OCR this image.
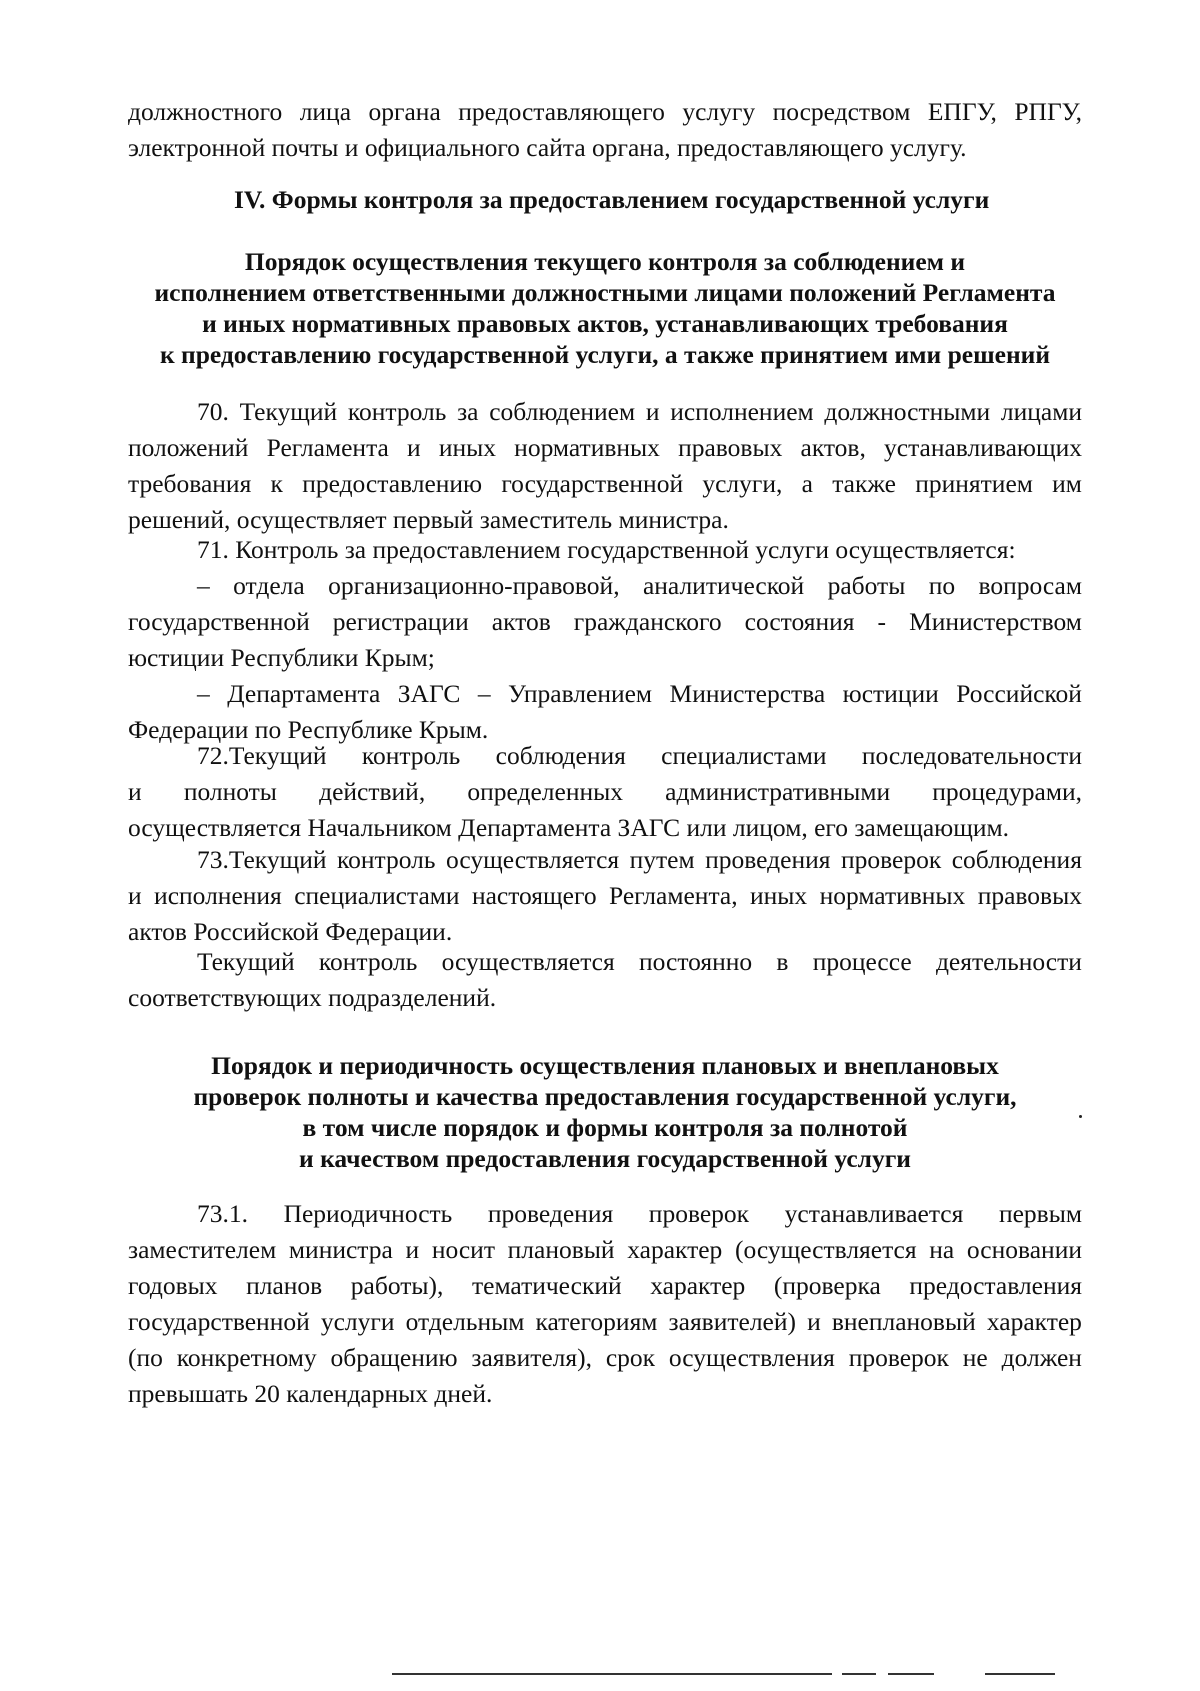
должностного лица органа предоставляющего услугу посредством ЕПГУ, РПГУ,
электронной почты и официального сайта органа, предоставляющего услугу.
IV. Формы контроля за предоставлением государственной услуги
Порядок осуществления текущего контроля за соблюдением и
исполнением ответственными должностными лицами положений Регламента
и иных нормативных правовых актов, устанавливающих требования
к предоставлению государственной услуги, а также принятием ими решений
70. Текущий контроль за соблюдением и исполнением должностными лицами
положений Регламента и иных нормативных правовых актов, устанавливающих
требования к предоставлению государственной услуги, а также принятием им
решений, осуществляет первый заместитель министра.
71. Контроль за предоставлением государственной услуги осуществляется:
– отдела организационно-правовой, аналитической работы по вопросам
государственной регистрации актов гражданского состояния - Министерством
юстиции Республики Крым;
– Департамента ЗАГС – Управлением Министерства юстиции Российской
Федерации по Республике Крым.
72.Текущий контроль соблюдения специалистами последовательности
и полноты действий, определенных административными процедурами,
осуществляется Начальником Департамента ЗАГС или лицом, его замещающим.
73.Текущий контроль осуществляется путем проведения проверок соблюдения
и исполнения специалистами настоящего Регламента, иных нормативных правовых
актов Российской Федерации.
Текущий контроль осуществляется постоянно в процессе деятельности
соответствующих подразделений.
Порядок и периодичность осуществления плановых и внеплановых
проверок полноты и качества предоставления государственной услуги,
в том числе порядок и формы контроля за полнотой
и качеством предоставления государственной услуги
73.1. Периодичность проведения проверок устанавливается первым
заместителем министра и носит плановый характер (осуществляется на основании
годовых планов работы), тематический характер (проверка предоставления
государственной услуги отдельным категориям заявителей) и внеплановый характер
(по конкретному обращению заявителя), срок осуществления проверок не должен
превышать 20 календарных дней.
